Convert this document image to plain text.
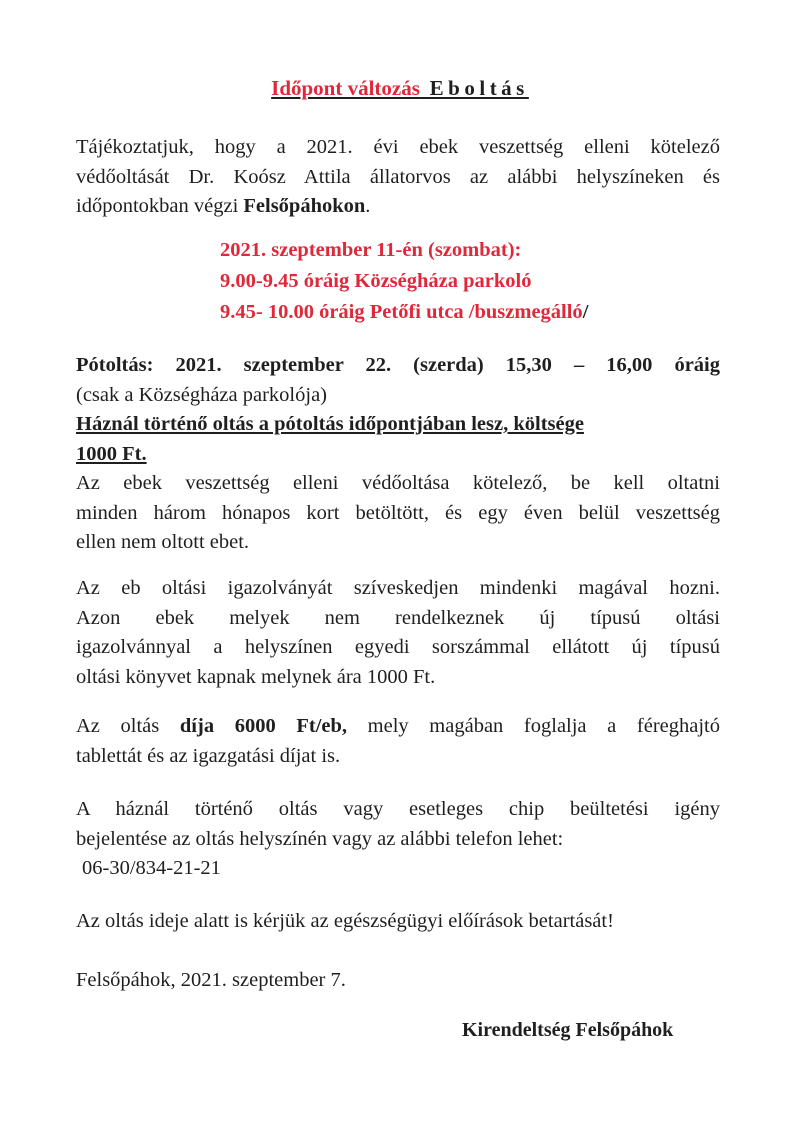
Időpont változás Eboltás
Tájékoztatjuk, hogy a 2021. évi ebek veszettség elleni kötelező
védőoltását Dr. Koósz Attila állatorvos az alábbi helyszíneken és
időpontokban végzi Felsőpáhokon.
2021. szeptember 11-én (szombat):
9.00-9.45 óráig Községháza parkoló
9.45- 10.00 óráig Petőfi utca /buszmegálló/
Pótoltás: 2021. szeptember 22. (szerda) 15,30 – 16,00 óráig
(csak a Községháza parkolója)
Háznál történő oltás a pótoltás időpontjában lesz, költsége
1000 Ft.
Az ebek veszettség elleni védőoltása kötelező, be kell oltatni
minden három hónapos kort betöltött, és egy éven belül veszettség
ellen nem oltott ebet.
Az eb oltási igazolványát szíveskedjen mindenki magával hozni.
Azon ebek melyek nem rendelkeznek új típusú oltási
igazolvánnyal a helyszínen egyedi sorszámmal ellátott új típusú
oltási könyvet kapnak melynek ára 1000 Ft.
Az oltás díja 6000 Ft/eb, mely magában foglalja a féreghajtó
tablettát és az igazgatási díjat is.
A háznál történő oltás vagy esetleges chip beültetési igény
bejelentése az oltás helyszínén vagy az alábbi telefon lehet:
06-30/834-21-21
Az oltás ideje alatt is kérjük az egészségügyi előírások betartását!
Felsőpáhok, 2021. szeptember 7.
Kirendeltség Felsőpáhok
